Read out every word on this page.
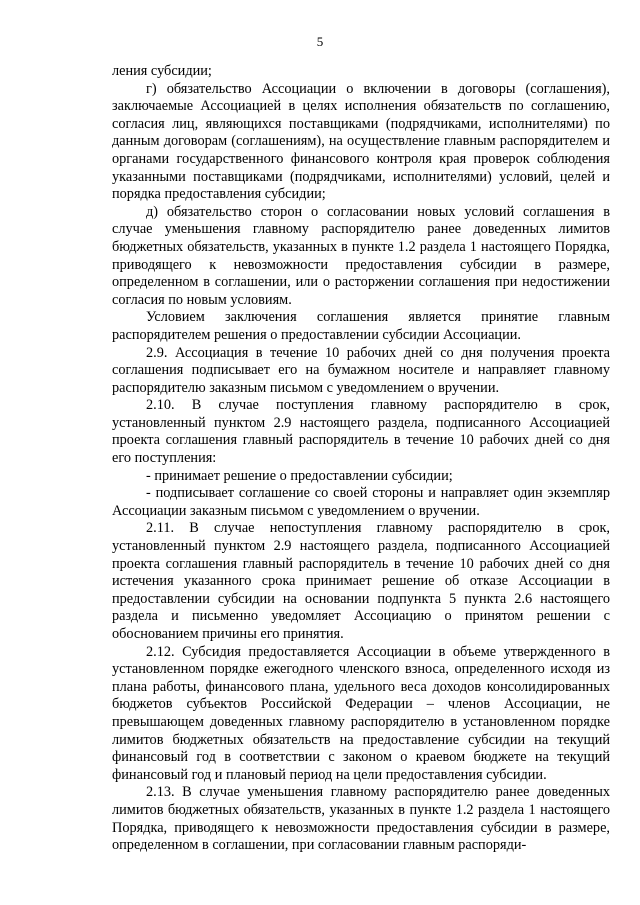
5

ления субсидии;

г) обязательство Ассоциации о включении в договоры (соглашения), заключаемые Ассоциацией в целях исполнения обязательств по соглашению, согласия лиц, являющихся поставщиками (подрядчиками, исполнителями) по данным договорам (соглашениям), на осуществление главным распорядителем и органами государственного финансового контроля края проверок соблюдения указанными поставщиками (подрядчиками, исполнителями) условий, целей и порядка предоставления субсидии;

д) обязательство сторон о согласовании новых условий соглашения в случае уменьшения главному распорядителю ранее доведенных лимитов бюджетных обязательств, указанных в пункте 1.2 раздела 1 настоящего Порядка, приводящего к невозможности предоставления субсидии в размере, определенном в соглашении, или о расторжении соглашения при недостижении согласия по новым условиям.

Условием заключения соглашения является принятие главным распорядителем решения о предоставлении субсидии Ассоциации.

2.9. Ассоциация в течение 10 рабочих дней со дня получения проекта соглашения подписывает его на бумажном носителе и направляет главному распорядителю заказным письмом с уведомлением о вручении.

2.10. В случае поступления главному распорядителю в срок, установленный пунктом 2.9 настоящего раздела, подписанного Ассоциацией проекта соглашения главный распорядитель в течение 10 рабочих дней со дня его поступления:

- принимает решение о предоставлении субсидии;

- подписывает соглашение со своей стороны и направляет один экземпляр Ассоциации заказным письмом с уведомлением о вручении.

2.11. В случае непоступления главному распорядителю в срок, установленный пунктом 2.9 настоящего раздела, подписанного Ассоциацией проекта соглашения главный распорядитель в течение 10 рабочих дней со дня истечения указанного срока принимает решение об отказе Ассоциации в предоставлении субсидии на основании подпункта 5 пункта 2.6 настоящего раздела и письменно уведомляет Ассоциацию о принятом решении с обоснованием причины его принятия.

2.12. Субсидия предоставляется Ассоциации в объеме утвержденного в установленном порядке ежегодного членского взноса, определенного исходя из плана работы, финансового плана, удельного веса доходов консолидированных бюджетов субъектов Российской Федерации – членов Ассоциации, не превышающем доведенных главному распорядителю в установленном порядке лимитов бюджетных обязательств на предоставление субсидии на текущий финансовый год в соответствии с законом о краевом бюджете на текущий финансовый год и плановый период на цели предоставления субсидии.

2.13. В случае уменьшения главному распорядителю ранее доведенных лимитов бюджетных обязательств, указанных в пункте 1.2 раздела 1 настоящего Порядка, приводящего к невозможности предоставления субсидии в размере, определенном в соглашении, при согласовании главным распоряди-
